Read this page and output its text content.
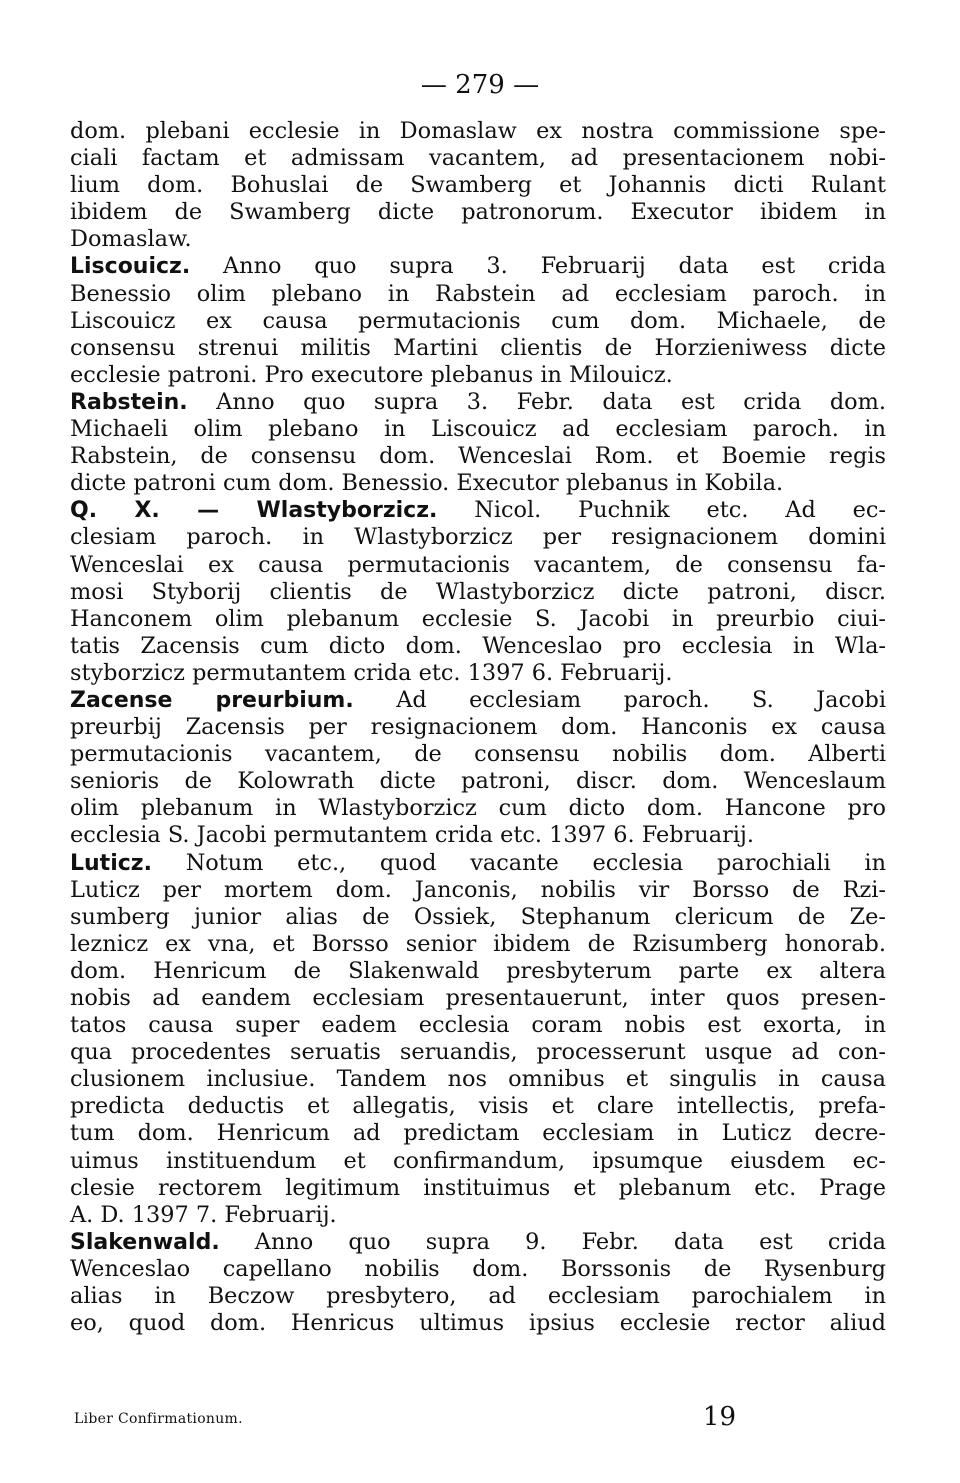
— 279 —
dom. plebani ecclesie in Domaslaw ex nostra commissione spe-
ciali factam et admissam vacantem, ad presentacionem nobi-
lium dom. Bohuslai de Swamberg et Johannis dicti Rulant
ibidem de Swamberg dicte patronorum. Executor ibidem in
Domaslaw.
Liscouicz. Anno quo supra 3. Februarij data est crida
Benessio olim plebano in Rabstein ad ecclesiam paroch. in
Liscouicz ex causa permutacionis cum dom. Michaele, de
consensu strenui militis Martini clientis de Horzieniwess dicte
ecclesie patroni. Pro executore plebanus in Milouicz.
Rabstein. Anno quo supra 3. Febr. data est crida dom.
Michaeli olim plebano in Liscouicz ad ecclesiam paroch. in
Rabstein, de consensu dom. Wenceslai Rom. et Boemie regis
dicte patroni cum dom. Benessio. Executor plebanus in Kobila.
Q. X. — Wlastyborzicz. Nicol. Puchnik etc. Ad ec-
clesiam paroch. in Wlastyborzicz per resignacionem domini
Wenceslai ex causa permutacionis vacantem, de consensu fa-
mosi Styborij clientis de Wlastyborzicz dicte patroni, discr.
Hanconem olim plebanum ecclesie S. Jacobi in preurbio ciui-
tatis Zacensis cum dicto dom. Wenceslao pro ecclesia in Wla-
styborzicz permutantem crida etc. 1397 6. Februarij.
Zacense preurbium. Ad ecclesiam paroch. S. Jacobi
preurbij Zacensis per resignacionem dom. Hanconis ex causa
permutacionis vacantem, de consensu nobilis dom. Alberti
senioris de Kolowrath dicte patroni, discr. dom. Wenceslaum
olim plebanum in Wlastyborzicz cum dicto dom. Hancone pro
ecclesia S. Jacobi permutantem crida etc. 1397 6. Februarij.
Luticz. Notum etc., quod vacante ecclesia parochiali in
Luticz per mortem dom. Janconis, nobilis vir Borsso de Rzi-
sumberg junior alias de Ossiek, Stephanum clericum de Ze-
leznicz ex vna, et Borsso senior ibidem de Rzisumberg honorab.
dom. Henricum de Slakenwald presbyterum parte ex altera
nobis ad eandem ecclesiam presentauerunt, inter quos presen-
tatos causa super eadem ecclesia coram nobis est exorta, in
qua procedentes seruatis seruandis, processerunt usque ad con-
clusionem inclusiue. Tandem nos omnibus et singulis in causa
predicta deductis et allegatis, visis et clare intellectis, prefa-
tum dom. Henricum ad predictam ecclesiam in Luticz decre-
uimus instituendum et confirmandum, ipsumque eiusdem ec-
clesie rectorem legitimum instituimus et plebanum etc. Prage
A. D. 1397 7. Februarij.
Slakenwald. Anno quo supra 9. Febr. data est crida
Wenceslao capellano nobilis dom. Borssonis de Rysenburg
alias in Beczow presbytero, ad ecclesiam parochialem in
eo, quod dom. Henricus ultimus ipsius ecclesie rector aliud
Liber Confirmationum.	19
